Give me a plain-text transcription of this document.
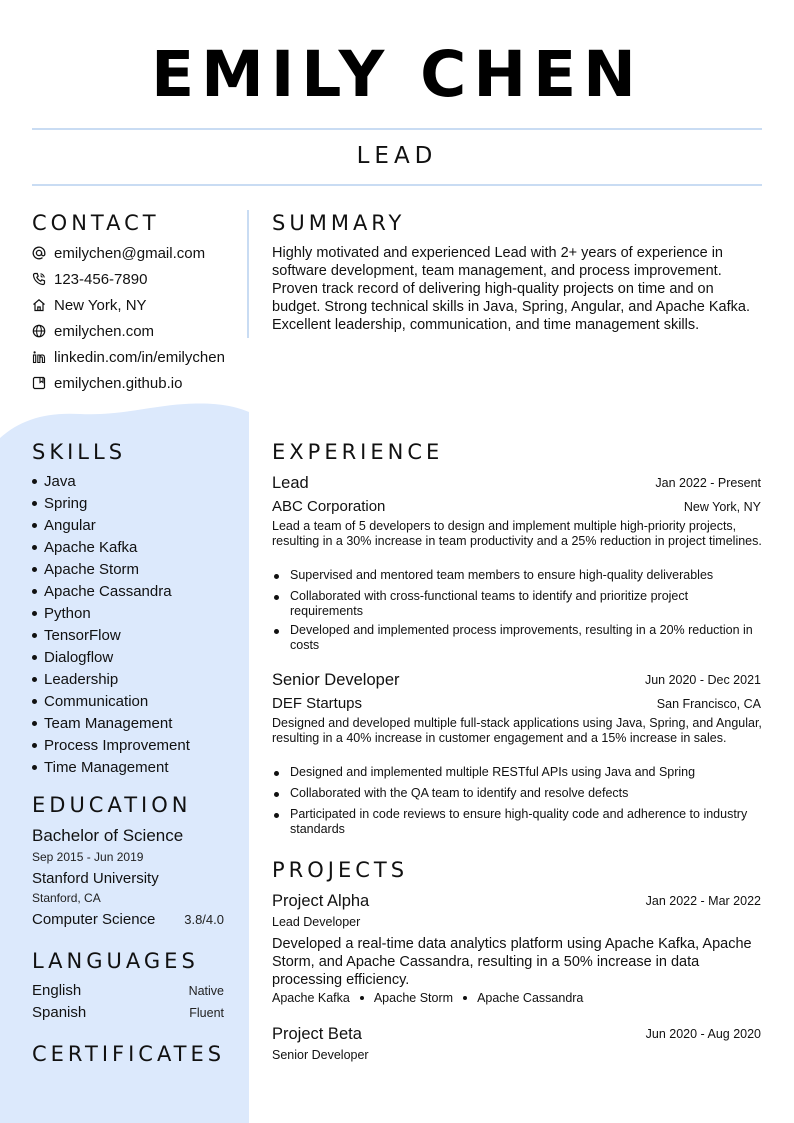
EMILY CHEN
LEAD
CONTACT
emilychen@gmail.com
123-456-7890
New York, NY
emilychen.com
linkedin.com/in/emilychen
emilychen.github.io
SKILLS
Java
Spring
Angular
Apache Kafka
Apache Storm
Apache Cassandra
Python
TensorFlow
Dialogflow
Leadership
Communication
Team Management
Process Improvement
Time Management
EDUCATION
Bachelor of Science
Sep 2015 - Jun 2019
Stanford University
Stanford, CA
Computer Science 3.8/4.0
LANGUAGES
English	Native
Spanish	Fluent
CERTIFICATES
SUMMARY
Highly motivated and experienced Lead with 2+ years of experience in software development, team management, and process improvement. Proven track record of delivering high-quality projects on time and on budget. Strong technical skills in Java, Spring, Angular, and Apache Kafka. Excellent leadership, communication, and time management skills.
EXPERIENCE
Lead	Jan 2022 - Present
ABC Corporation	New York, NY
Lead a team of 5 developers to design and implement multiple high-priority projects, resulting in a 30% increase in team productivity and a 25% reduction in project timelines.
Supervised and mentored team members to ensure high-quality deliverables
Collaborated with cross-functional teams to identify and prioritize project requirements
Developed and implemented process improvements, resulting in a 20% reduction in costs
Senior Developer	Jun 2020 - Dec 2021
DEF Startups	San Francisco, CA
Designed and developed multiple full-stack applications using Java, Spring, and Angular, resulting in a 40% increase in customer engagement and a 15% increase in sales.
Designed and implemented multiple RESTful APIs using Java and Spring
Collaborated with the QA team to identify and resolve defects
Participated in code reviews to ensure high-quality code and adherence to industry standards
PROJECTS
Project Alpha	Jan 2022 - Mar 2022
Lead Developer
Developed a real-time data analytics platform using Apache Kafka, Apache Storm, and Apache Cassandra, resulting in a 50% increase in data processing efficiency.
Apache Kafka Apache Storm Apache Cassandra
Project Beta	Jun 2020 - Aug 2020
Senior Developer
